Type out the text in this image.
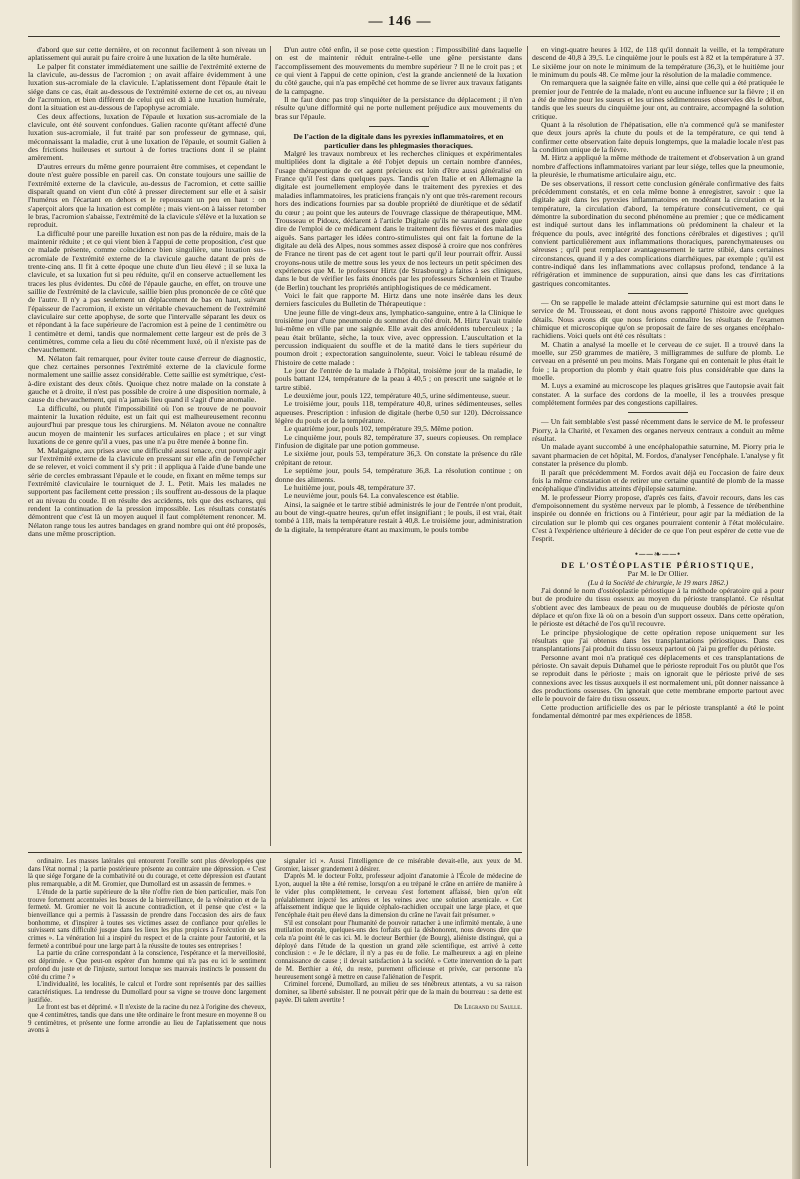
— 146 —

d'abord que sur cette dernière, et on reconnut facilement à son niveau un aplatissement qui aurait pu faire croire à une luxation de la tête humérale.

Le palper fit constater immédiatement une saillie de l'extrémité externe de la clavicule, au-dessus de l'acromion ; on avait affaire évidemment à une luxation sus-acromiale de la clavicule. L'aplatissement dont l'épaule était le siége dans ce cas, était au-dessous de l'extrémité externe de cet os, au niveau de l'acromion, et bien différent de celui qui est dû à une luxation humérale, dont la situation est au-dessous de l'apophyse acromiale.

Ces deux affections, luxation de l'épaule et luxation sus-acromiale de la clavicule, ont été souvent confondues. Galien raconte qu'étant affecté d'une luxation sus-acromiale, il fut traité par son professeur de gymnase, qui, méconnaissant la maladie, crut à une luxation de l'épaule, et soumit Galien à des frictions huileuses et surtout à de fortes tractions dont il se plaint amèrement.

D'autres erreurs du même genre pourraient être commises, et cependant le doute n'est guère possible en pareil cas. On constate toujours une saillie de l'extrémité externe de la clavicule, au-dessus de l'acromion, et cette saillie disparaît quand on vient d'un côté à presser directement sur elle et à saisir l'humérus en l'écartant en dehors et le repoussant un peu en haut : on s'aperçoit alors que la luxation est complète ; mais vient-on à laisser retomber le bras, l'acromion s'abaisse, l'extrémité de la clavicule s'élève et la luxation se reproduit.

La difficulté pour une pareille luxation est non pas de la réduire, mais de la maintenir réduite ; et ce qui vient bien à l'appui de cette proposition, c'est que ce malade présente, comme coïncidence bien singulière, une luxation sus-acromiale de l'extrémité externe de la clavicule gauche datant de près de trente-cinq ans. Il fit à cette époque une chute d'un lieu élevé ; il se luxa la clavicule, et sa luxation fut si peu réduite, qu'il en conserve actuellement les traces les plus évidentes. Du côté de l'épaule gauche, en effet, on trouve une saillie de l'extrémité de la clavicule, saillie bien plus prononcée de ce côté que de l'autre. Il n'y a pas seulement un déplacement de bas en haut, suivant l'épaisseur de l'acromion, il existe un véritable chevauchement de l'extrémité claviculaire sur cette apophyse, de sorte que l'intervalle séparant les deux os et répondant à la face supérieure de l'acromion est à peine de 1 centimètre ou 1 centimètre et demi, tandis que normalement cette largeur est de près de 3 centimètres, comme cela a lieu du côté récemment luxé, où il n'existe pas de chevauchement.

M. Nélaton fait remarquer, pour éviter toute cause d'erreur de diagnostic, que chez certaines personnes l'extrémité externe de la clavicule forme normalement une saillie assez considérable. Cette saillie est symétrique, c'est-à-dire existant des deux côtés. Quoique chez notre malade on la constate à gauche et à droite, il n'est pas possible de croire à une disposition normale, à cause du chevauchement, qui n'a jamais lieu quand il s'agit d'une anomalie.

La difficulté, ou plutôt l'impossibilité où l'on se trouve de ne pouvoir maintenir la luxation réduite, est un fait qui est malheureusement reconnu aujourd'hui par presque tous les chirurgiens. M. Nélaton avoue ne connaître aucun moyen de maintenir les surfaces articulaires en place ; et sur vingt luxations de ce genre qu'il a vues, pas une n'a pu être menée à bonne fin.

M. Malgaigne, aux prises avec une difficulté aussi tenace, crut pouvoir agir sur l'extrémité externe de la clavicule en pressant sur elle afin de l'empêcher de se relever, et voici comment il s'y prit : il appliqua à l'aide d'une bande une série de cercles embrassant l'épaule et le coude, en fixant en même temps sur l'extrémité claviculaire le tourniquet de J. L. Petit. Mais les malades ne supportent pas facilement cette pression ; ils souffrent au-dessous de la plaque et au niveau du coude. Il en résulte des accidents, tels que des eschares, qui rendent la continuation de la pression impossible. Les résultats constatés démontrent que c'est là un moyen auquel il faut complétement renoncer. M. Nélaton range tous les autres bandages en grand nombre qui ont été proposés, dans une même proscription.

D'un autre côté enfin, il se pose cette question : l'impossibilité dans laquelle on est de maintenir réduit entraîne-t-elle une gêne persistante dans l'accomplissement des mouvements du membre supérieur ? Il ne le croit pas ; et ce qui vient à l'appui de cette opinion, c'est la grande ancienneté de la luxation du côté gauche, qui n'a pas empêché cet homme de se livrer aux travaux fatigants de la campagne.

Il ne faut donc pas trop s'inquiéter de la persistance du déplacement ; il n'en résulte qu'une difformité qui ne porte nullement préjudice aux mouvements du bras sur l'épaule.

De l'action de la digitale dans les pyrexies inflammatoires, et en particulier dans les phlegmasies thoraciques.

Malgré les travaux nombreux et les recherches cliniques et expérimentales multipliées dont la digitale a été l'objet depuis un certain nombre d'années, l'usage thérapeutique de cet agent précieux est loin d'être aussi généralisé en France qu'il l'est dans quelques pays. Tandis qu'en Italie et en Allemagne la digitale est journellement employée dans le traitement des pyrexies et des maladies inflammatoires, les praticiens français n'y ont que très-rarement recours hors des indications fournies par sa double propriété de diurétique et de sédatif du cœur ; au point que les auteurs de l'ouvrage classique de thérapeutique, MM. Trousseau et Pidoux, déclarent à l'article Digitale qu'ils ne sauraient guère que dire de l'emploi de ce médicament dans le traitement des fièvres et des maladies aiguës. Sans partager les idées contro-stimulistes qui ont fait la fortune de la digitale au delà des Alpes, nous sommes assez disposé à croire que nos confrères de France ne tirent pas de cet agent tout le parti qu'il leur pourrait offrir. Aussi croyons-nous utile de mettre sous les yeux de nos lecteurs un petit spécimen des expériences que M. le professeur Hirtz (de Strasbourg) a faites à ses cliniques, dans le but de vérifier les faits énoncés par les professeurs Schœnlein et Traube (de Berlin) touchant les propriétés antiphlogistiques de ce médicament.

Voici le fait que rapporte M. Hirtz dans une note insérée dans les deux derniers fascicules du Bulletin de Thérapeutique :

Une jeune fille de vingt-deux ans, lymphatico-sanguine, entre à la Clinique le troisième jour d'une pneumonie du sommet du côté droit. M. Hirtz l'avait traitée lui-même en ville par une saignée. Elle avait des antécédents tuberculeux ; la peau était brûlante, sèche, la toux vive, avec oppression. L'auscultation et la percussion indiquaient du souffle et de la matité dans le tiers supérieur du poumon droit ; expectoration sanguinolente, sueur. Voici le tableau résumé de l'histoire de cette malade :

Le jour de l'entrée de la malade à l'hôpital, troisième jour de la maladie, le pouls battant 124, température de la peau à 40,5 ; on prescrit une saignée et le tartre stibié.

Le deuxième jour, pouls 122, température 40,5, urine sédimenteuse, sueur.

Le troisième jour, pouls 118, température 40,8, urines sédimenteuses, selles aqueuses. Prescription : infusion de digitale (herbe 0,50 sur 120). Décroissance légère du pouls et de la température.

Le quatrième jour, pouls 102, température 39,5. Même potion.

Le cinquième jour, pouls 82, température 37, sueurs copieuses. On remplace l'infusion de digitale par une potion gommeuse.

Le sixième jour, pouls 53, température 36,3. On constate la présence du râle crépitant de retour.

Le septième jour, pouls 54, température 36,8. La résolution continue ; on donne des aliments.

Le huitième jour, pouls 48, température 37.

Le neuvième jour, pouls 64. La convalescence est établie.

Ainsi, la saignée et le tartre stibié administrés le jour de l'entrée n'ont produit, au bout de vingt-quatre heures, qu'un effet insignifiant ; le pouls, il est vrai, était tombé à 118, mais la température restait à 40,8. Le troisième jour, administration de la digitale, la température étant au maximum, le pouls tombe

en vingt-quatre heures à 102, de 118 qu'il donnait la veille, et la température descend de 40,8 à 39,5. Le cinquième jour le pouls est à 82 et la température à 37. Le sixième jour on note le minimum de la température (36,3), et le huitième jour le minimum du pouls 48. Ce même jour la résolution de la maladie commence.

On remarquera que la saignée faite en ville, ainsi que celle qui a été pratiquée le premier jour de l'entrée de la malade, n'ont eu aucune influence sur la fièvre ; il en a été de même pour les sueurs et les urines sédimenteuses observées dès le début, tandis que les sueurs du cinquième jour ont, au contraire, accompagné la solution critique.

Quant à la résolution de l'hépatisation, elle n'a commencé qu'à se manifester que deux jours après la chute du pouls et de la température, ce qui tend à confirmer cette observation faite depuis longtemps, que la maladie locale n'est pas la condition unique de la fièvre.

M. Hirtz a appliqué la même méthode de traitement et d'observation à un grand nombre d'affections inflammatoires variant par leur siége, telles que la pneumonie, la pleurésie, le rhumatisme articulaire aigu, etc.

De ses observations, il ressort cette conclusion générale confirmative des faits précédemment constatés, et en cela même bonne à enregistrer, savoir : que la digitale agit dans les pyrexies inflammatoires en modérant la circulation et la température, la circulation d'abord, la température consécutivement, ce qui démontre la subordination du second phénomène au premier ; que ce médicament est indiqué surtout dans les inflammations où prédominent la chaleur et la fréquence du pouls, avec intégrité des fonctions cérébrales et digestives ; qu'il convient particulièrement aux inflammations thoraciques, parenchymateuses ou séreuses ; qu'il peut remplacer avantageusement le tartre stibié, dans certaines circonstances, quand il y a des complications diarrhéiques, par exemple ; qu'il est contre-indiqué dans les inflammations avec collapsus profond, tendance à la réfrigération et imminence de suppuration, ainsi que dans les cas d'irritations gastriques concomitantes.

— On se rappelle le malade atteint d'éclampsie saturnine qui est mort dans le service de M. Trousseau, et dont nous avons rapporté l'histoire avec quelques détails. Nous avons dit que nous ferions connaître les résultats de l'examen chimique et microscopique qu'on se proposait de faire de ses organes encéphalo-rachidiens. Voici quels ont été ces résultats :

M. Chatin a analysé la moelle et le cerveau de ce sujet. Il a trouvé dans la moelle, sur 250 grammes de matière, 3 milligrammes de sulfure de plomb. Le cerveau en a présenté un peu moins. Mais l'organe qui en contenait le plus était le foie ; la proportion du plomb y était quatre fois plus considérable que dans la moelle.

M. Luys a examiné au microscope les plaques grisâtres que l'autopsie avait fait constater. A la surface des cordons de la moelle, il les a trouvées presque complétement formées par des congestions capillaires.

— Un fait semblable s'est passé récemment dans le service de M. le professeur Piorry, à la Charité, et l'examen des organes nerveux centraux a conduit au même résultat.

Un malade ayant succombé à une encéphalopathie saturnine, M. Piorry pria le savant pharmacien de cet hôpital, M. Fordos, d'analyser l'encéphale. L'analyse y fit constater la présence du plomb.

Il paraît que précédemment M. Fordos avait déjà eu l'occasion de faire deux fois la même constatation et de retirer une certaine quantité de plomb de la masse encéphalique d'individus atteints d'épilepsie saturnine.

M. le professeur Piorry propose, d'après ces faits, d'avoir recours, dans les cas d'empoisonnement du système nerveux par le plomb, à l'essence de térébenthine inspirée ou donnée en frictions ou à l'intérieur, pour agir par la médiation de la circulation sur le plomb qui ces organes pourraient contenir à l'état moléculaire. C'est à l'expérience ultérieure à décider de ce que l'on peut espérer de cette vue de l'esprit.

•──❧──•

DE L'OSTÉOPLASTIE PÉRIOSTIQUE,

Par M. le Dr Ollier.

(Lu à la Société de chirurgie, le 19 mars 1862.)

J'ai donné le nom d'ostéoplastie périostique à la méthode opératoire qui a pour but de produire du tissu osseux au moyen du périoste transplanté. Ce résultat s'obtient avec des lambeaux de peau ou de muqueuse doublés de périoste qu'on déplace et qu'on fixe là où on a besoin d'un support osseux. Dans cette opération, le périoste est détaché de l'os qu'il recouvre.

Le principe physiologique de cette opération repose uniquement sur les résultats que j'ai obtenus dans les transplantations périostiques. Dans ces transplantations j'ai produit du tissu osseux partout où j'ai pu greffer du périoste.

Personne avant moi n'a pratiqué ces déplacements et ces transplantations de périoste. On savait depuis Duhamel que le périoste reproduit l'os ou plutôt que l'os se reproduit dans le périoste ; mais on ignorait que le périoste privé de ses connexions avec les tissus auxquels il est normalement uni, pût donner naissance à des productions osseuses. On ignorait que cette membrane emporte partout avec elle le pouvoir de faire du tissu osseux.

Cette production artificielle des os par le périoste transplanté a été le point fondamental démontré par mes expériences de 1858.

ordinaire. Les masses latérales qui entourent l'oreille sont plus développées que dans l'état normal ; la partie postérieure présente au contraire une dépression. « C'est là que siége l'organe de la combativité ou du courage, et cette dépression est d'autant plus remarquable, a dit M. Gromier, que Dumollard est un assassin de femmes. »

L'étude de la partie supérieure de la tête n'offre rien de bien particulier, mais l'on trouve fortement accentuées les bosses de la bienveillance, de la vénération et de la fermeté. M. Gromier ne voit là aucune contradiction, et il pense que c'est « la bienveillance qui a permis à l'assassin de prendre dans l'occasion des airs de faux bonhomme, et d'inspirer à toutes ses victimes assez de confiance pour qu'elles le suivissent sans difficulté jusque dans les lieux les plus propices à l'exécution de ses crimes ». La vénération lui a inspiré du respect et de la crainte pour l'autorité, et la fermeté a contribué pour une large part à la réussite de toutes ses entreprises !

La partie du crâne correspondant à la conscience, l'espérance et la merveillosité, est déprimée. « Que peut-on espérer d'un homme qui n'a pas eu ici le sentiment profond du juste et de l'injuste, surtout lorsque ses mauvais instincts le poussent du côté du crime ? »

L'individualité, les localités, le calcul et l'ordre sont représentés par des saillies caractéristiques. La tendresse du Dumollard pour sa vigne se trouve donc largement justifiée.

Le front est bas et déprimé. « Il n'existe de la racine du nez à l'origine des cheveux, que 4 centimètres, tandis que dans une tête ordinaire le front mesure en moyenne 8 ou 9 centimètres, et présente une forme arrondie au lieu de l'aplatissement que nous avons à

signaler ici ». Aussi l'intelligence de ce misérable devait-elle, aux yeux de M. Gromier, laisser grandement à désirer.

D'après M. le docteur Foltz, professeur adjoint d'anatomie à l'École de médecine de Lyon, auquel la tête a été remise, lorsqu'on a eu trépané le crâne en arrière de manière à le vider plus complètement, le cerveau s'est fortement affaissé, bien qu'on eût préalablement injecté les artères et les veines avec une solution arsenicale. « Cet affaissement indique que le liquide céphalo-rachidien occupait une large place, et que l'encéphale était peu élevé dans la dimension du crâne ne l'avait fait présumer. »

S'il est consolant pour l'humanité de pouvoir rattacher à une infirmité mentale, à une mutilation morale, quelques-uns des forfaits qui la déshonorent, nous devons dire que cela n'a point été le cas ici. M. le docteur Berthier (de Bourg), aliéniste distingué, qui a déployé dans l'étude de la question un grand zèle scientifique, est arrivé à cette conclusion : « Je le déclare, il n'y a pas eu de folie. Le malheureux a agi en pleine connaissance de cause ; il devait satisfaction à la société. » Cette intervention de la part de M. Berthier a été, du reste, purement officieuse et privée, car personne n'a heureusement songé à mettre en cause l'aliénation de l'esprit.

Criminel forcené, Dumollard, au milieu de ses ténébreux attentats, a vu sa raison dominer, sa liberté subsister. Il ne pouvait périr que de la main du bourreau : sa dette est payée. Di talem avertite !

Dr Legrand du Saulle.
